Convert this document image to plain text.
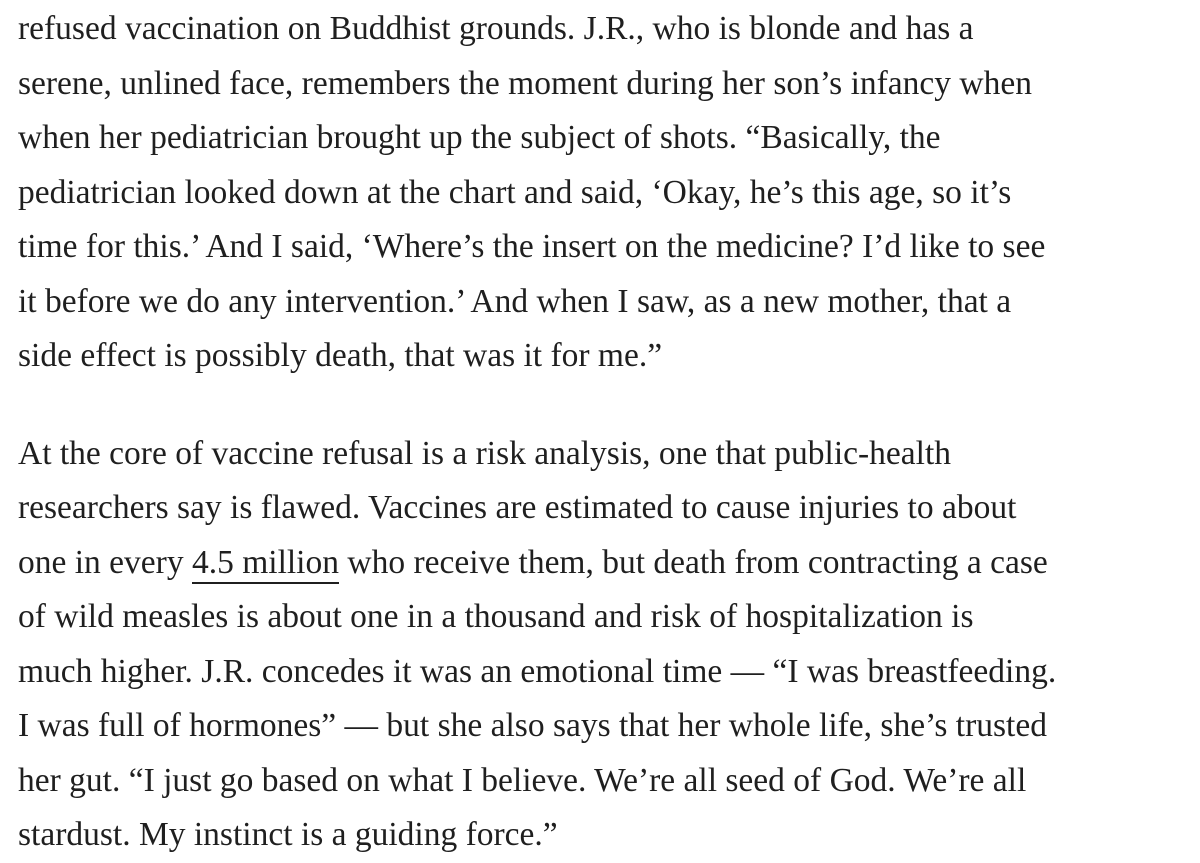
refused vaccination on Buddhist grounds. J.R., who is blonde and has a
serene, unlined face, remembers the moment during her son’s infancy when
when her pediatrician brought up the subject of shots. “Basically, the
pediatrician looked down at the chart and said, ‘Okay, he’s this age, so it’s
time for this.’ And I said, ‘Where’s the insert on the medicine? I’d like to see
it before we do any intervention.’ And when I saw, as a new mother, that a
side effect is possibly death, that was it for me.”
At the core of vaccine refusal is a risk analysis, one that public-health
researchers say is flawed. Vaccines are estimated to cause injuries to about
one in every 4.5 million who receive them, but death from contracting a case
of wild measles is about one in a thousand and risk of hospitalization is
much higher. J.R. concedes it was an emotional time — “I was breastfeeding.
I was full of hormones” — but she also says that her whole life, she’s trusted
her gut. “I just go based on what I believe. We’re all seed of God. We’re all
stardust. My instinct is a guiding force.”
